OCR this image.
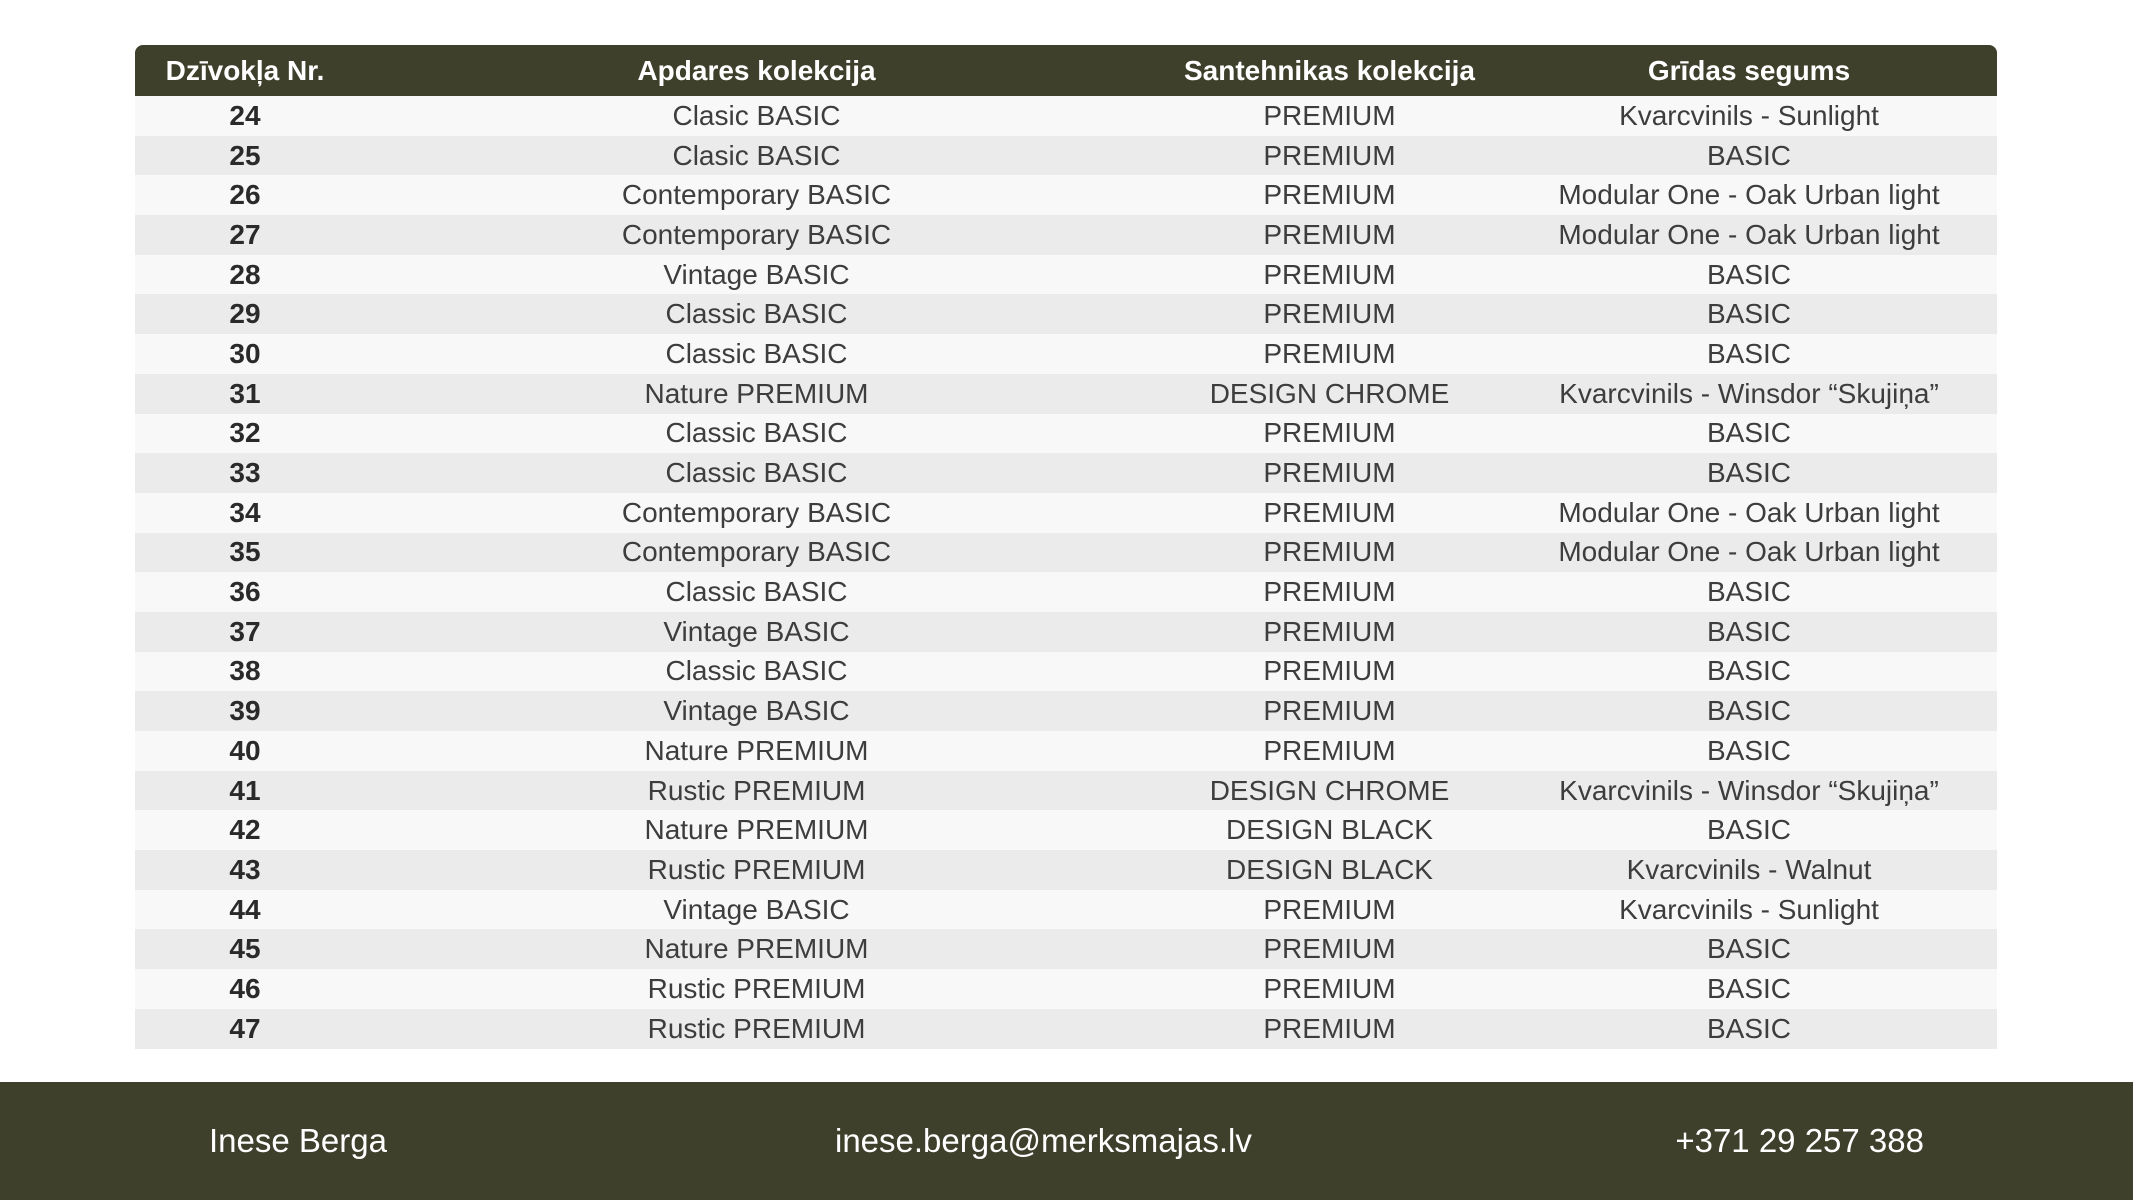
Dzīvokļa Nr.	Apdares kolekcija	Santehnikas kolekcija	Grīdas segums
24	Clasic BASIC	PREMIUM	Kvarcvinils - Sunlight
25	Clasic BASIC	PREMIUM	BASIC
26	Contemporary BASIC	PREMIUM	Modular One - Oak Urban light
27	Contemporary BASIC	PREMIUM	Modular One - Oak Urban light
28	Vintage BASIC	PREMIUM	BASIC
29	Classic BASIC	PREMIUM	BASIC
30	Classic BASIC	PREMIUM	BASIC
31	Nature PREMIUM	DESIGN CHROME	Kvarcvinils - Winsdor “Skujiņa”
32	Classic BASIC	PREMIUM	BASIC
33	Classic BASIC	PREMIUM	BASIC
34	Contemporary BASIC	PREMIUM	Modular One - Oak Urban light
35	Contemporary BASIC	PREMIUM	Modular One - Oak Urban light
36	Classic BASIC	PREMIUM	BASIC
37	Vintage BASIC	PREMIUM	BASIC
38	Classic BASIC	PREMIUM	BASIC
39	Vintage BASIC	PREMIUM	BASIC
40	Nature PREMIUM	PREMIUM	BASIC
41	Rustic PREMIUM	DESIGN CHROME	Kvarcvinils - Winsdor “Skujiņa”
42	Nature PREMIUM	DESIGN BLACK	BASIC
43	Rustic PREMIUM	DESIGN BLACK	Kvarcvinils - Walnut
44	Vintage BASIC	PREMIUM	Kvarcvinils - Sunlight
45	Nature PREMIUM	PREMIUM	BASIC
46	Rustic PREMIUM	PREMIUM	BASIC
47	Rustic PREMIUM	PREMIUM	BASIC
Inese Berga	inese.berga@merksmajas.lv	+371 29 257 388
